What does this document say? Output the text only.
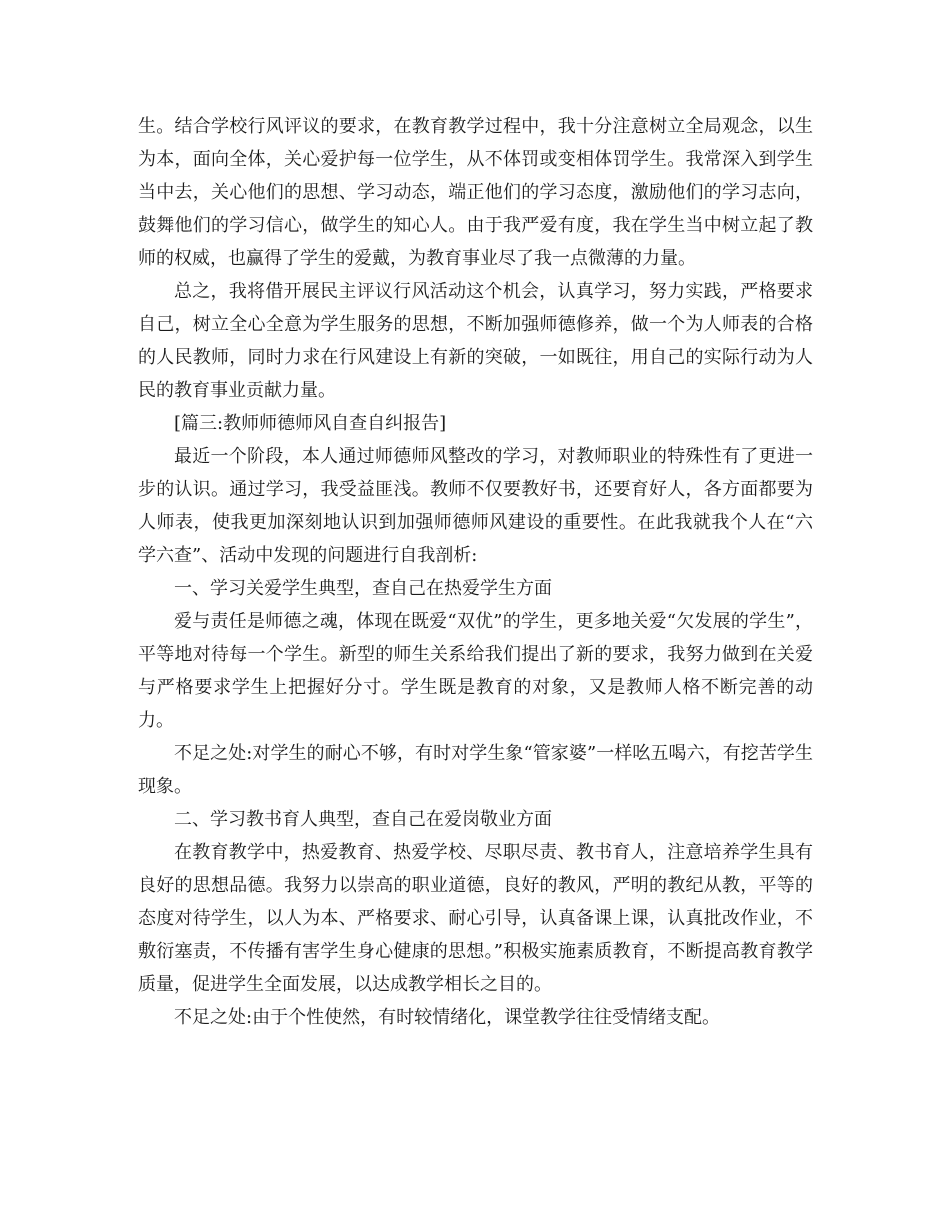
生。结合学校行风评议的要求，在教育教学过程中，我十分注意树立全局观念，以生为本，面向全体，关心爱护每一位学生，从不体罚或变相体罚学生。我常深入到学生当中去，关心他们的思想、学习动态，端正他们的学习态度，激励他们的学习志向，鼓舞他们的学习信心，做学生的知心人。由于我严爱有度，我在学生当中树立起了教师的权威，也赢得了学生的爱戴，为教育事业尽了我一点微薄的力量。

总之，我将借开展民主评议行风活动这个机会，认真学习，努力实践，严格要求自己，树立全心全意为学生服务的思想，不断加强师德修养，做一个为人师表的合格的人民教师，同时力求在行风建设上有新的突破，一如既往，用自己的实际行动为人民的教育事业贡献力量。

[篇三:教师师德师风自查自纠报告]

最近一个阶段，本人通过师德师风整改的学习，对教师职业的特殊性有了更进一步的认识。通过学习，我受益匪浅。教师不仅要教好书，还要育好人，各方面都要为人师表，使我更加深刻地认识到加强师德师风建设的重要性。在此我就我个人在“六学六查”、活动中发现的问题进行自我剖析:

一、学习关爱学生典型，查自己在热爱学生方面

爱与责任是师德之魂，体现在既爱“双优”的学生，更多地关爱“欠发展的学生”，平等地对待每一个学生。新型的师生关系给我们提出了新的要求，我努力做到在关爱与严格要求学生上把握好分寸。学生既是教育的对象，又是教师人格不断完善的动力。

不足之处:对学生的耐心不够，有时对学生象“管家婆”一样吆五喝六，有挖苦学生现象。

二、学习教书育人典型，查自己在爱岗敬业方面

在教育教学中，热爱教育、热爱学校、尽职尽责、教书育人，注意培养学生具有良好的思想品德。我努力以崇高的职业道德，良好的教风，严明的教纪从教，平等的态度对待学生，以人为本、严格要求、耐心引导，认真备课上课，认真批改作业，不敷衍塞责，不传播有害学生身心健康的思想。”积极实施素质教育，不断提高教育教学质量，促进学生全面发展，以达成教学相长之目的。

不足之处:由于个性使然，有时较情绪化，课堂教学往往受情绪支配。
